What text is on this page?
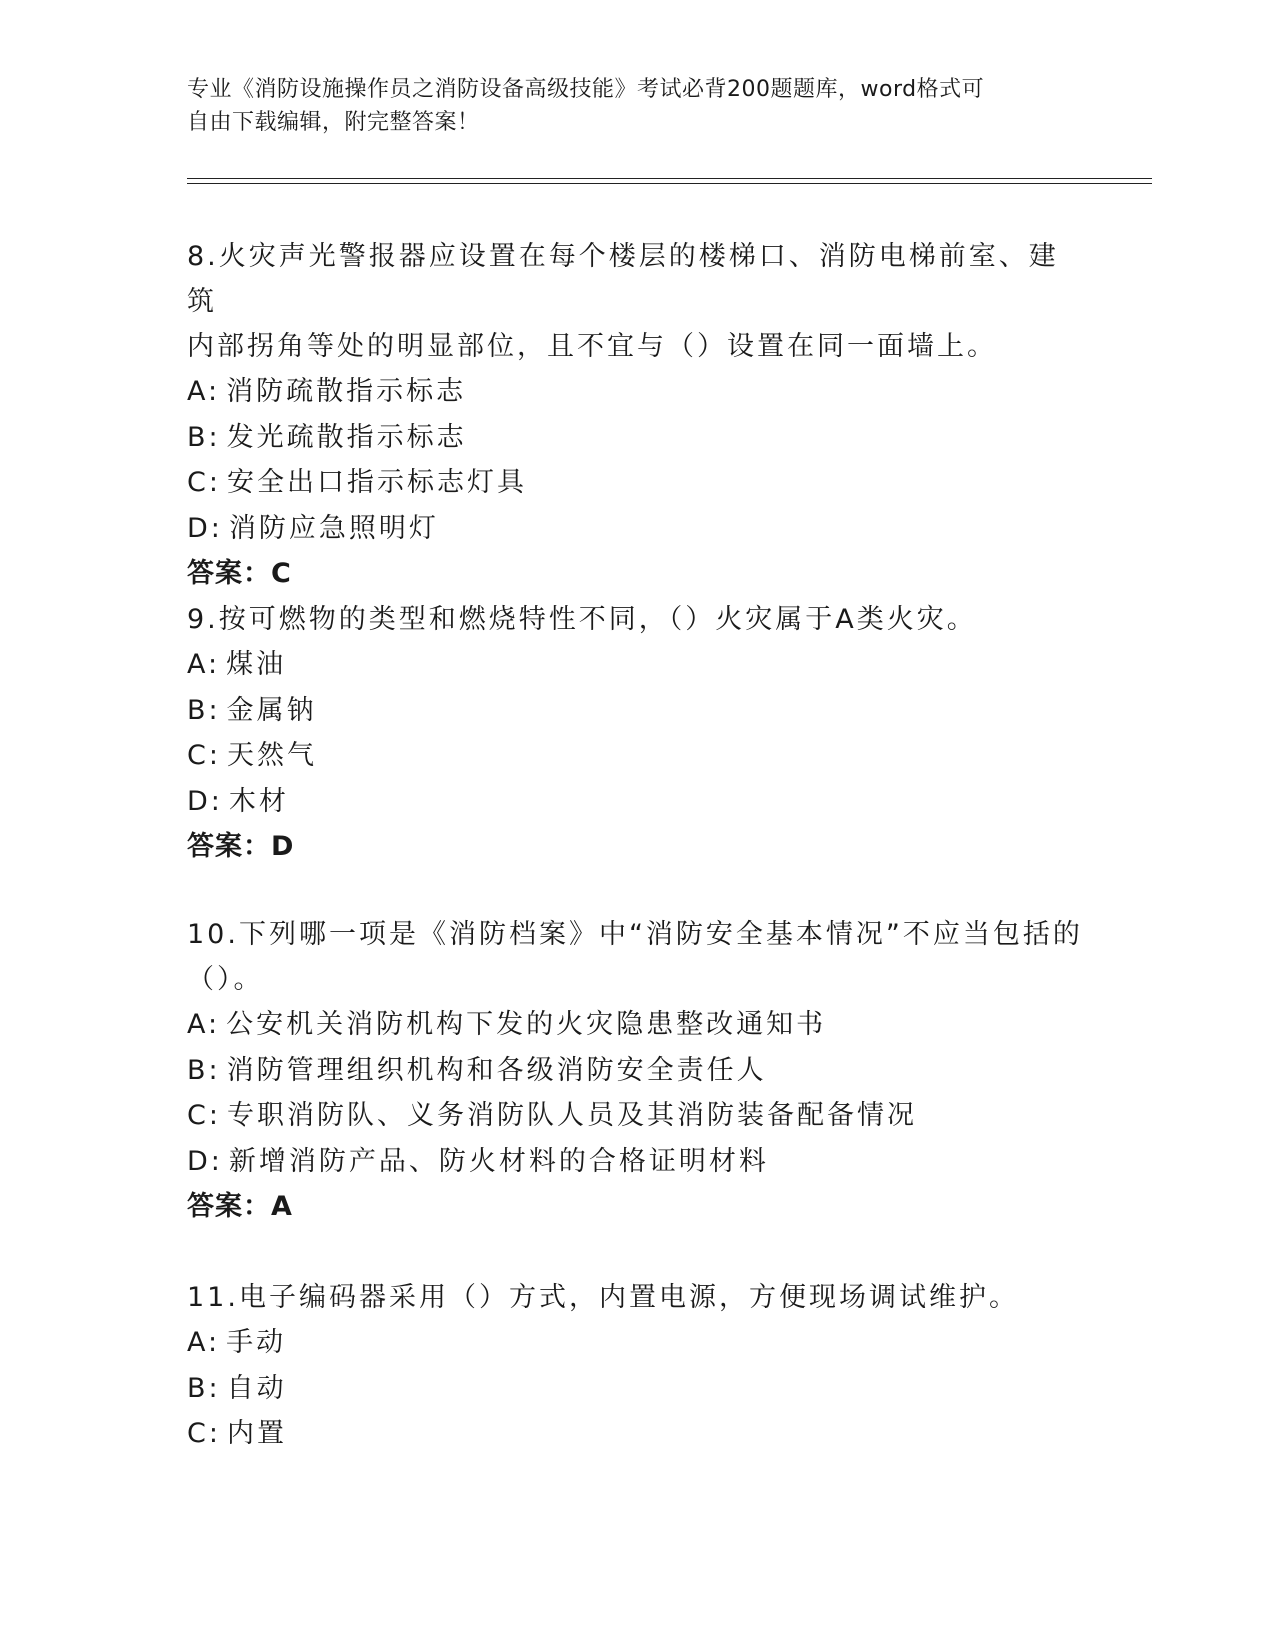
专业《消防设施操作员之消防设备高级技能》考试必背200题题库，word格式可
自由下载编辑，附完整答案！
8.火灾声光警报器应设置在每个楼层的楼梯口、消防电梯前室、建筑
内部拐角等处的明显部位，且不宜与（）设置在同一面墙上。
A: 消防疏散指示标志
B: 发光疏散指示标志
C: 安全出口指示标志灯具
D: 消防应急照明灯
答案：C
9.按可燃物的类型和燃烧特性不同，（）火灾属于A类火灾。
A: 煤油
B: 金属钠
C: 天然气
D: 木材
答案：D
10.下列哪一项是《消防档案》中“消防安全基本情况”不应当包括的
（）。
A: 公安机关消防机构下发的火灾隐患整改通知书
B: 消防管理组织机构和各级消防安全责任人
C: 专职消防队、义务消防队人员及其消防装备配备情况
D: 新增消防产品、防火材料的合格证明材料
答案：A
11.电子编码器采用（）方式，内置电源，方便现场调试维护。
A: 手动
B: 自动
C: 内置
